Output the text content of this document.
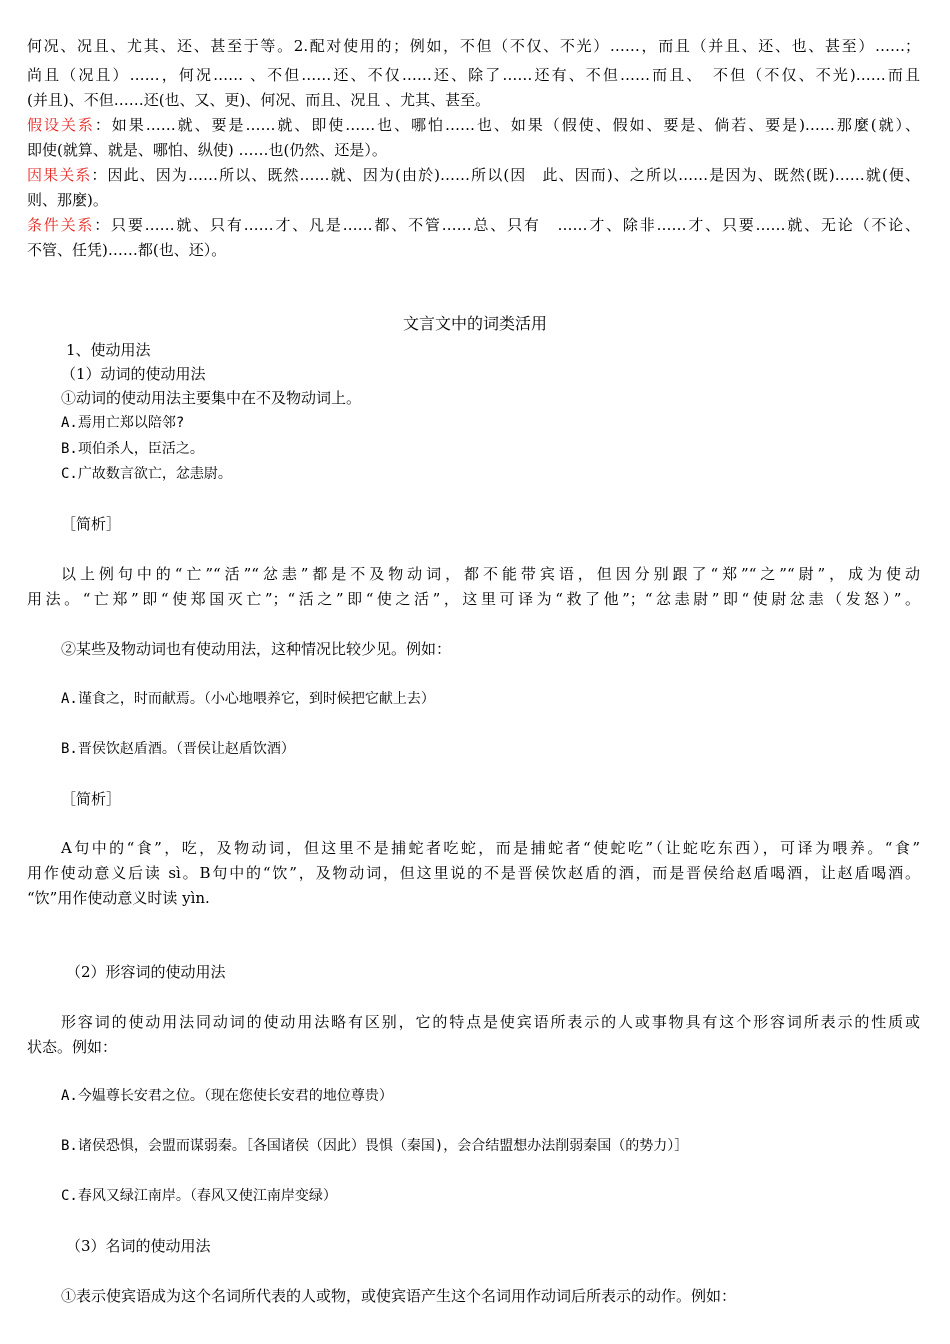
何况、况且、尤其、还、甚至于等。2.配对使用的；例如，不但（不仅、不光）……，而且（并且、还、也、甚至）……；
尚且（况且）……，何况…… 、不但……还、不仅……还、除了……还有、不但……而且、　不但（不仅、不光)……而且
(并且)、不但……还(也、又、更)、何况、而且、况且 、尤其、甚至。
假设关系：如果……就、要是……就、即使……也、哪怕……也、如果（假使、假如、要是、倘若、要是)……那麼(就）、
即使(就算、就是、哪怕、纵使) ……也(仍然、还是）。
因果关系：因此、因为……所以、既然……就、因为(由於)……所以(因　此、因而)、之所以……是因为、既然(既)……就(便、
则、那麼)。
条件关系：只要……就、只有……才、凡是……都、不管……总、只有　……才、除非……才、只要……就、无论（不论、
不管、任凭)……都(也、还）。
文言文中的词类活用
1、使动用法
（1）动词的使动用法
①动词的使动用法主要集中在不及物动词上。
A.焉用亡郑以陪邻?
B.项伯杀人，臣活之。
C.广故数言欲亡，忿恚尉。
［简析］
以上例句中的“亡”“活”“忿恚”都是不及物动词，都不能带宾语，但因分别跟了“郑”“之”“尉”，成为使动
用法。“亡郑”即“使郑国灭亡”；“活之”即“使之活”，这里可译为“救了他”；“忿恚尉”即“使尉忿恚（发怒）”。
②某些及物动词也有使动用法，这种情况比较少见。例如：
A.谨食之，时而献焉。（小心地喂养它，到时候把它献上去）
B.晋侯饮赵盾酒。（晋侯让赵盾饮酒）
［简析］
A句中的“食”，吃，及物动词，但这里不是捕蛇者吃蛇，而是捕蛇者“使蛇吃”（让蛇吃东西），可译为喂养。“食”
用作使动意义后读 sì。B句中的“饮”，及物动词，但这里说的不是晋侯饮赵盾的酒，而是晋侯给赵盾喝酒，让赵盾喝酒。
“饮”用作使动意义时读 yìn.
（2）形容词的使动用法
形容词的使动用法同动词的使动用法略有区别，它的特点是使宾语所表示的人或事物具有这个形容词所表示的性质或
状态。例如：
A.今媪尊长安君之位。（现在您使长安君的地位尊贵）
B.诸侯恐惧，会盟而谋弱秦。［各国诸侯（因此）畏惧（秦国)，会合结盟想办法削弱秦国（的势力）］
C.春风又绿江南岸。（春风又使江南岸变绿）
（3）名词的使动用法
①表示使宾语成为这个名词所代表的人或物，或使宾语产生这个名词用作动词后所表示的动作。例如：
